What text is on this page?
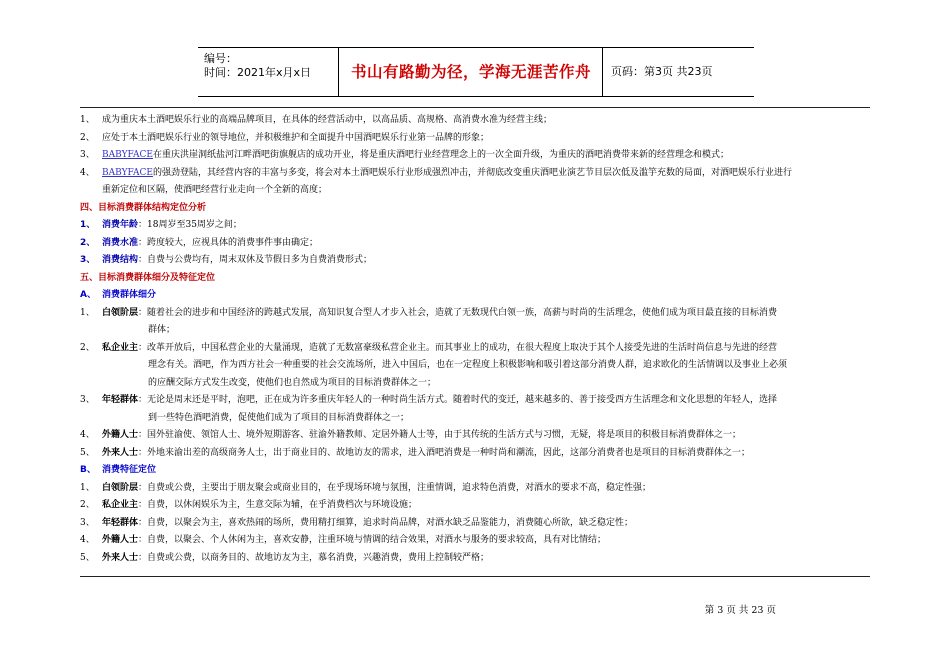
编号：
时间：2021年x月x日	书山有路勤为径，学海无涯苦作舟	页码：第3页 共23页
1、 成为重庆本土酒吧娱乐行业的高端品牌项目，在具体的经营活动中，以高品质、高规格、高消费水准为经营主线；
2、 应处于本土酒吧娱乐行业的领导地位，并积极维护和全面提升中国酒吧娱乐行业第一品牌的形象；
3、 BABYFACE在重庆洪崖洞纸盐河江畔酒吧街旗舰店的成功开业，将是重庆酒吧行业经营理念上的一次全面升级，为重庆的酒吧消费带来新的经营理念和模式；
4、 BABYFACE的强劲登陆，其经营内容的丰富与多变，将会对本土酒吧娱乐行业形成强烈冲击，并彻底改变重庆酒吧业演艺节目层次低及滥竽充数的局面，对酒吧娱乐行业进行
重新定位和区隔，使酒吧经营行业走向一个全新的高度；
四、目标消费群体结构定位分析
1、 消费年龄：18周岁至35周岁之间；
2、 消费水准：跨度较大，应视具体的消费事件事由确定；
3、 消费结构：自费与公费均有，周末双休及节假日多为自费消费形式；
五、目标消费群体细分及特征定位
A、 消费群体细分
1、 白领阶层：随着社会的进步和中国经济的跨越式发展，高知识复合型人才步入社会，造就了无数现代白领一族，高薪与时尚的生活理念，使他们成为项目最直接的目标消费
群体；
2、 私企业主：改革开放后，中国私营企业的大量涌现，造就了无数富豪级私营企业主。而其事业上的成功，在很大程度上取决于其个人接受先进的生活时尚信息与先进的经营
理念有关。酒吧，作为西方社会一种重要的社会交流场所，进入中国后，也在一定程度上积极影响和吸引着这部分消费人群，追求欧化的生活情调以及事业上必须
的应酬交际方式发生改变，使他们也自然成为项目的目标消费群体之一；
3、 年轻群体：无论是周末还是平时，泡吧，正在成为许多重庆年轻人的一种时尚生活方式。随着时代的变迁，越来越多的、善于接受西方生活理念和文化思想的年轻人，选择
到一些特色酒吧消费，促使他们成为了项目的目标消费群体之一；
4、 外籍人士：国外驻渝使、领馆人士、境外短期游客、驻渝外籍教师、定居外籍人士等，由于其传统的生活方式与习惯，无疑，将是项目的积极目标消费群体之一；
5、 外来人士：外地来渝出差的高级商务人士，出于商业目的、故地访友的需求，进入酒吧消费是一种时尚和潮流，因此，这部分消费者也是项目的目标消费群体之一；
B、 消费特征定位
1、 白领阶层：自费或公费，主要出于朋友聚会或商业目的，在乎现场环境与氛围，注重情调，追求特色消费，对酒水的要求不高，稳定性强；
2、 私企业主：自费，以休闲娱乐为主，生意交际为辅，在乎消费档次与环境设施；
3、 年轻群体：自费，以聚会为主，喜欢热闹的场所，费用精打细算，追求时尚品牌，对酒水缺乏品鉴能力，消费随心所欲，缺乏稳定性；
4、 外籍人士：自费，以聚会、个人休闲为主，喜欢安静，注重环境与情调的结合效果，对酒水与服务的要求较高，具有对比情结；
5、 外来人士：自费或公费，以商务目的、故地访友为主，慕名消费，兴趣消费，费用上控制较严格；
第 3 页 共 23 页
